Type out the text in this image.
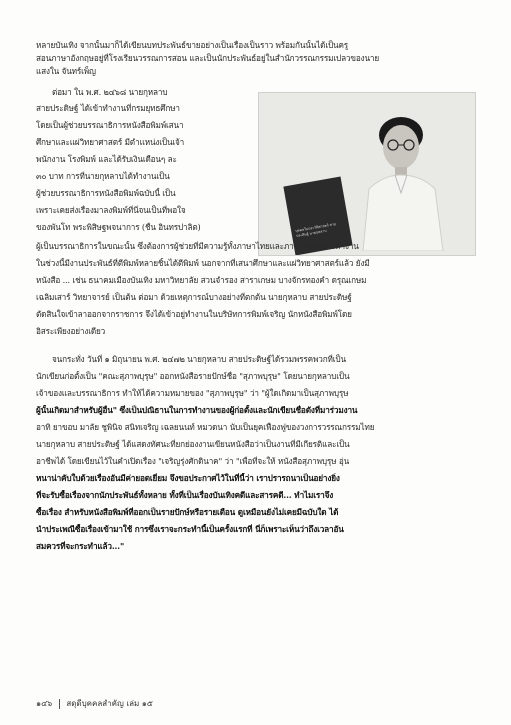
หลายบันเทิง จากนั้นมาก็ได้เขียนบทประพันธ์ขายอย่างเป็นเรื่องเป็นราว พร้อมกันนั้นได้เป็นครู
สอนภาษาอังกฤษอยู่ที่โรงเรียนวรรณการสอน และเป็นนักประพันธ์อยู่ในสำนักวรรณกรรมเปลวของนาย
แสงใน จันทร์เพ็ญ
ต่อมา ใน พ.ศ. ๒๔๖๘ นายกุหลาบ
สายประดิษฐ์ ได้เข้าทำงานที่กรมยุทธศึกษา
โดยเป็นผู้ช่วยบรรณาธิการหนังสือพิมพ์เสนา
ศึกษาและแผ่วิทยาศาสตร์ มีตำแหน่งเป็นเจ้า
พนักงาน โรงพิมพ์ และได้รับเงินเดือนๆ ละ
๓๐ บาท การที่นายกุหลาบได้ทำงานเป็น
ผู้ช่วยบรรณาธิการหนังสือพิมพ์ฉบับนี้ เป็น
เพราะเคยส่งเรื่องมาลงพิมพ์ที่นี่จนเป็นที่พอใจ
ของพันโท พระพิสิษฐพจนาการ (ชื่น อินทรปาลิต)	บุคคลในประวัติศาสตร์ สายประดิษฐ์ นายกุหลาบ
ผู้เป็นบรรณาธิการในขณะนั้น ซึ่งต้องการผู้ช่วยที่มีความรู้ทั้งภาษาไทยและภาษาอังกฤษไว้ทำงาน
ในช่วงนี้มีงานประพันธ์ที่ตีพิมพ์หลายชิ้นได้ตีพิมพ์ นอกจากที่เสนาศึกษาและแผ่วิทยาศาสตร์แล้ว ยังมี
หนังสือ ... เช่น ธนาคมเมืองบันเทิง มหาวิทยาลัย สวนจำรอง สาราเกษม บางจักรทองคำ ดรุณเกษม
เฉลิมเสาร์ วิทยาจารย์ เป็นต้น ต่อมา ด้วยเหตุการณ์บางอย่างที่ตกต้น นายกุหลาบ สายประดิษฐ์
ตัดสินใจเข้าลาออกจากราชการ จึงได้เข้าอยู่ทำงานในบริษัทการพิมพ์เจริญ นักหนังสือพิมพ์โดย
อิสระเพียงอย่างเดียว
จนกระทั่ง วันที่ ๑ มิถุนายน พ.ศ. ๒๔๗๒ นายกุหลาบ สายประดิษฐ์ได้รวมพรรคพวกที่เป็น
นักเขียนก่อตั้งเป็น "คณะสุภาพบุรุษ" ออกหนังสือรายปักษ์ชื่อ "สุภาพบุรุษ" โดยนายกุหลาบเป็น
เจ้าของและบรรณาธิการ ทำให้ได้ความหมายของ "สุภาพบุรุษ" ว่า "ผู้ใดเกิดมาเป็นสุภาพบุรุษ
ผู้นั้นเกิดมาสำหรับผู้อื่น" ซึ่งเป็นปณิธานในการทำงานของผู้ก่อตั้งและนักเขียนชื่อดังที่มาร่วมงาน
อาทิ ยาขอบ มาลัย ชูพินิจ สนิทเจริญ เฉลยนนท์ หมวดนา นับเป็นยุคเฟื่องฟูของวงการวรรณกรรมไทย
นายกุหลาบ สายประดิษฐ์ ได้แสดงทัศนะที่ยกย่องงานเขียนหนังสือว่าเป็นงานที่มีเกียรติและเป็น
อาชีพได้ โดยเขียนไว้ในคำเปิดเรื่อง "เจริญรุ่งศักดินาค" ว่า "เพื่อที่จะให้ หนังสือสุภาพบุรุษ อุ่น
หนาน่าคับใบด้วยเรื่องอันมีค่ายอดเยี่ยม จึงขอประกาศไว้ในที่นี้ว่า เราปรารถนาเป็นอย่างยิ่ง
ที่จะรับซื้อเรื่องจากนักประพันธ์ทั้งหลาย ทั้งที่เป็นเรื่องบันเทิงคดีและสารคดี... ทำไมเราจึง
ซื้อเรื่อง สำหรับหนังสือพิมพ์ที่ออกเป็นรายปักษ์หรือรายเดือน ดูเหมือนยังไม่เคยมีฉบับใด ได้
นำประเพณีซื้อเรื่องเข้ามาใช้ การซึ่งเราจะกระทำนี้เป็นครั้งแรกที่ นี่ก็เพราะเห็นว่าถึงเวลาอัน
สมควรที่จะกระทำแล้ว..."
๑๔๖ สดุดีบุคคลสำคัญ เล่ม ๑๕
